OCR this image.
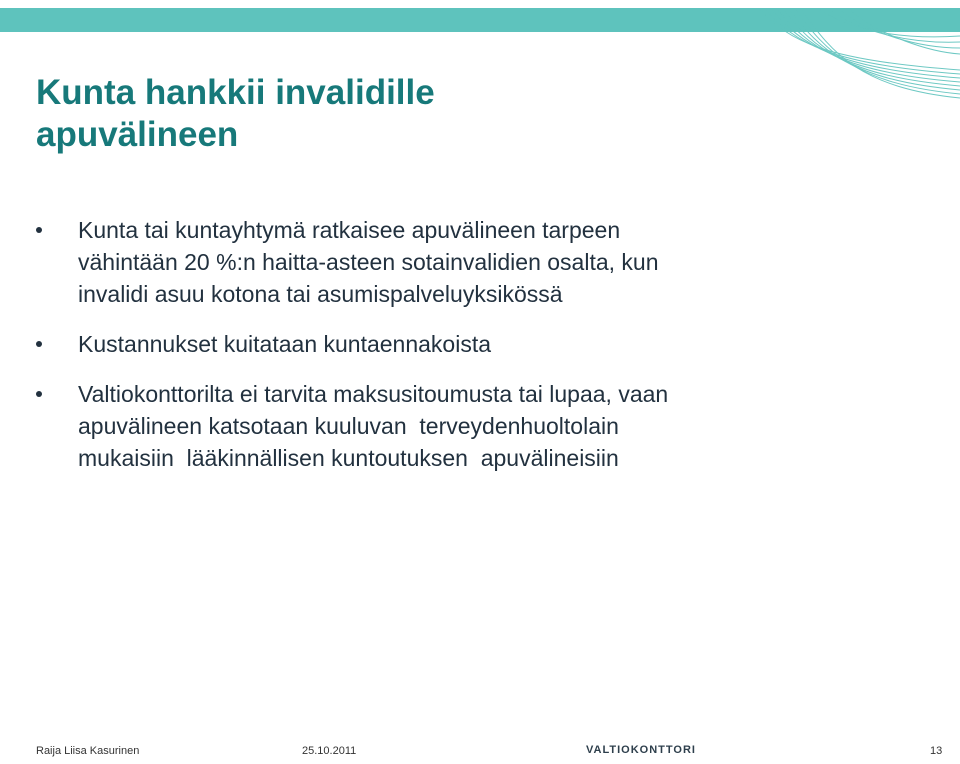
Kunta hankkii invalidille
apuvälineen
Kunta tai kuntayhtymä ratkaisee apuvälineen tarpeen
vähintään 20 %:n haitta-asteen sotainvalidien osalta, kun
invalidi asuu kotona tai asumispalveluyksikössä
Kustannukset kuitataan kuntaennakoista
Valtiokonttorilta ei tarvita maksusitoumusta tai lupaa, vaan
apuvälineen katsotaan kuuluvan  terveydenhuoltolain
mukaisiin  lääkinnällisen kuntoutuksen  apuvälineisiin
Raija Liisa Kasurinen	25.10.2011	VALTIOKONTTORI	13
